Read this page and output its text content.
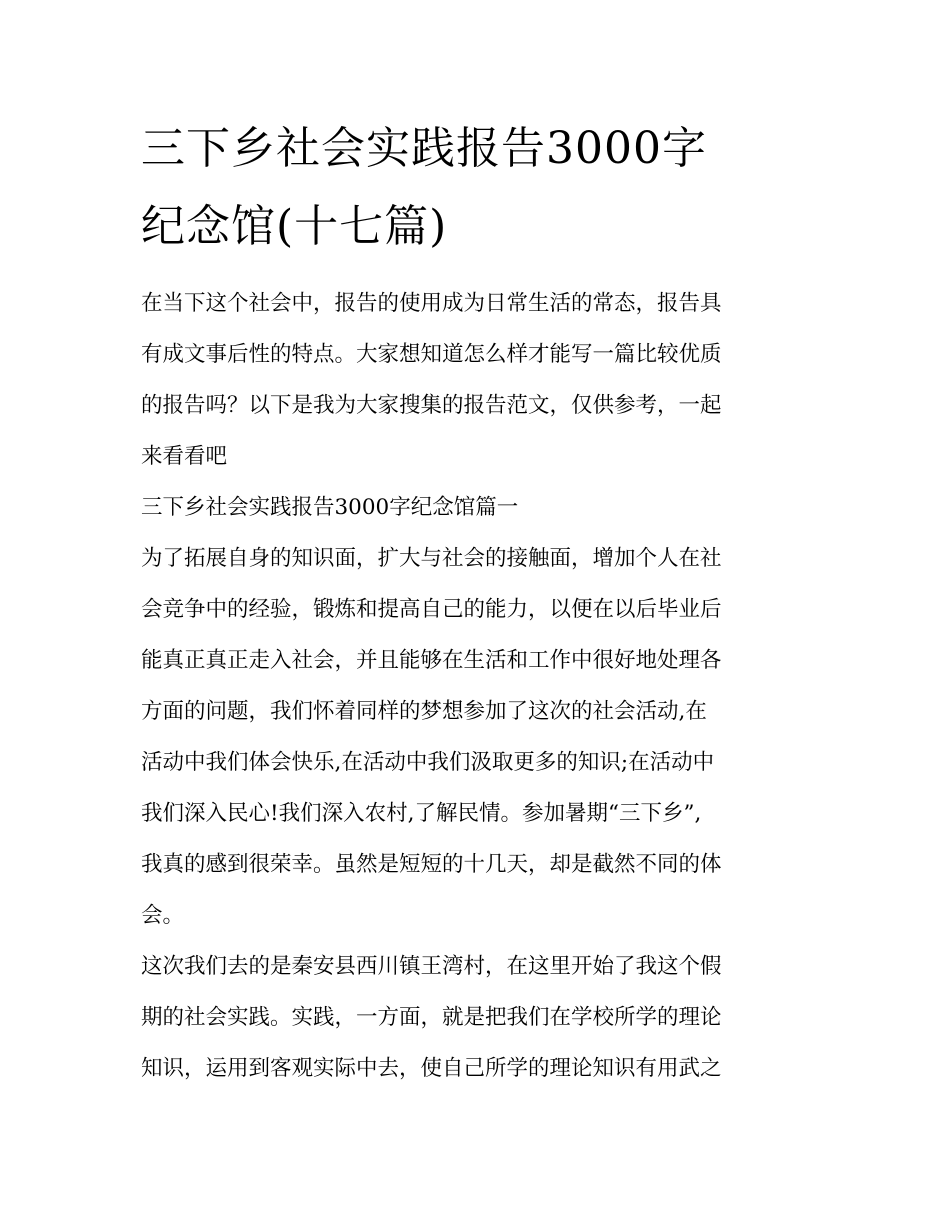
三下乡社会实践报告3000字
纪念馆(十七篇)

在当下这个社会中，报告的使用成为日常生活的常态，报告具
有成文事后性的特点。大家想知道怎么样才能写一篇比较优质
的报告吗？以下是我为大家搜集的报告范文，仅供参考，一起
来看看吧

三下乡社会实践报告3000字纪念馆篇一

为了拓展自身的知识面，扩大与社会的接触面，增加个人在社
会竞争中的经验，锻炼和提高自己的能力，以便在以后毕业后
能真正真正走入社会，并且能够在生活和工作中很好地处理各
方面的问题，我们怀着同样的梦想参加了这次的社会活动,在
活动中我们体会快乐,在活动中我们汲取更多的知识;在活动中
我们深入民心!我们深入农村,了解民情。参加暑期“三下乡”,
我真的感到很荣幸。虽然是短短的十几天，却是截然不同的体
会。

这次我们去的是秦安县西川镇王湾村，在这里开始了我这个假
期的社会实践。实践，一方面，就是把我们在学校所学的理论
知识，运用到客观实际中去，使自己所学的理论知识有用武之
